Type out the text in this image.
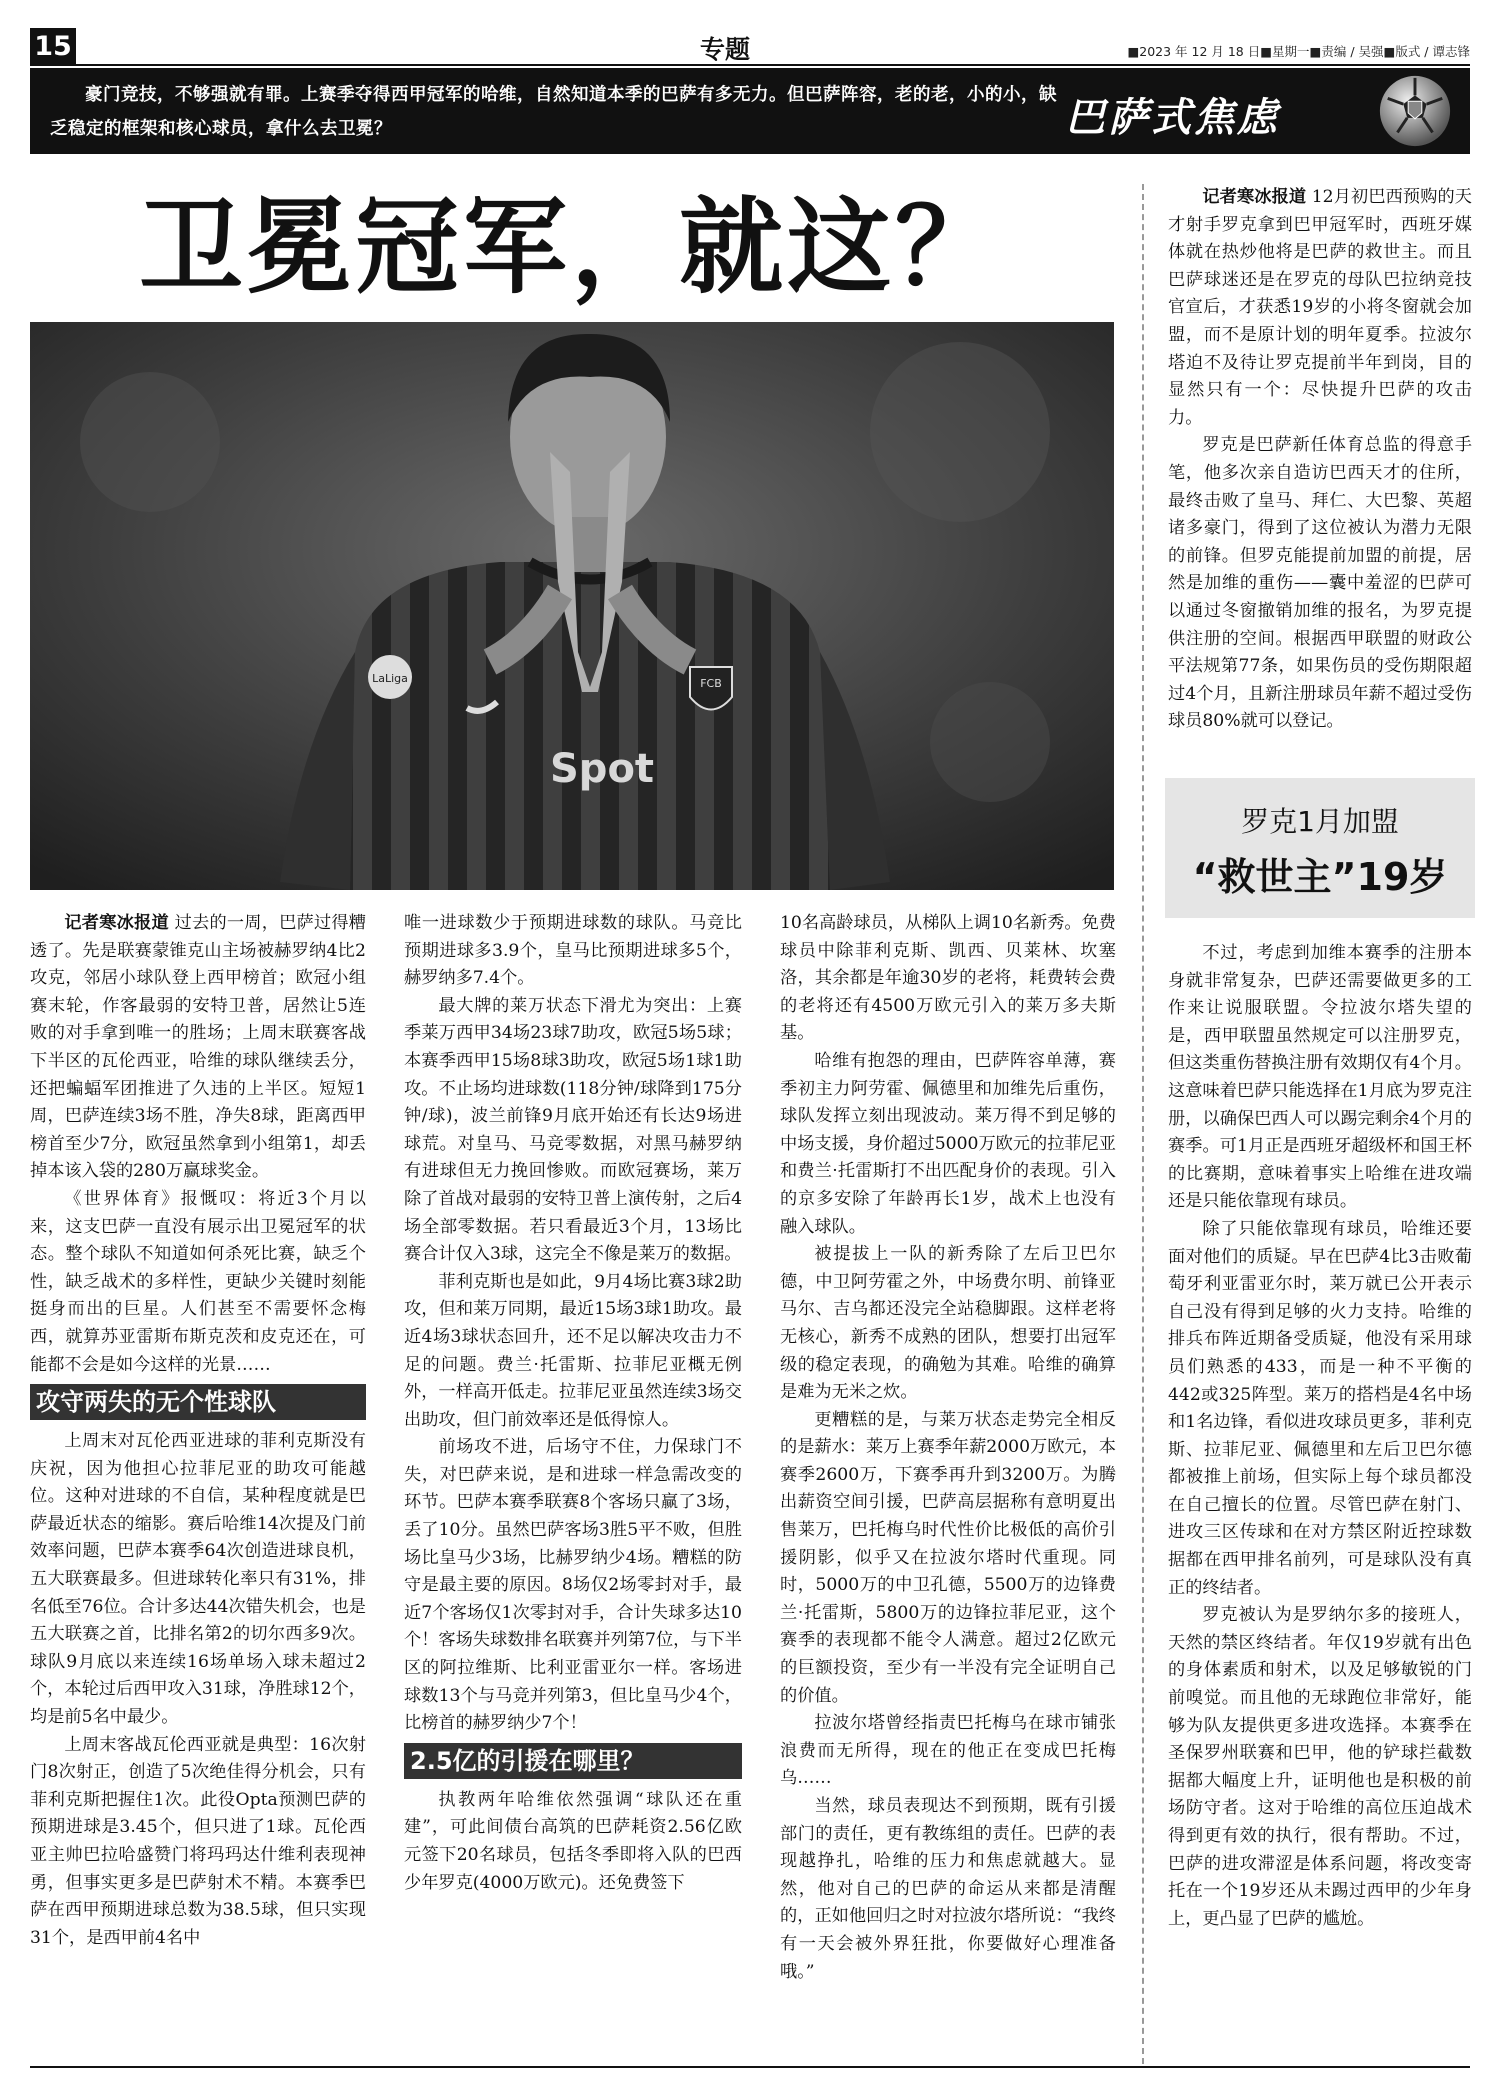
15	专题	■2023 年 12 月 18 日■星期一■责编 / 吴强■版式 / 谭志锋
豪门竞技，不够强就有罪。上赛季夺得西甲冠军的哈维，自然知道本季的巴萨有多无力。但巴萨阵容，老的老，小的小，缺乏稳定的框架和核心球员，拿什么去卫冕？	巴萨式焦虑
卫冕冠军，就这？
FCB
LaLiga
Spot

记者寒冰报道 过去的一周，巴萨过得糟透了。先是联赛蒙锥克山主场被赫罗纳4比2攻克，邻居小球队登上西甲榜首；欧冠小组赛末轮，作客最弱的安特卫普，居然让5连败的对手拿到唯一的胜场；上周末联赛客战下半区的瓦伦西亚，哈维的球队继续丢分，还把蝙蝠军团推进了久违的上半区。短短1周，巴萨连续3场不胜，净失8球，距离西甲榜首至少7分，欧冠虽然拿到小组第1，却丢掉本该入袋的280万赢球奖金。

《世界体育》报慨叹：将近3个月以来，这支巴萨一直没有展示出卫冕冠军的状态。整个球队不知道如何杀死比赛，缺乏个性，缺乏战术的多样性，更缺少关键时刻能挺身而出的巨星。人们甚至不需要怀念梅西，就算苏亚雷斯布斯克茨和皮克还在，可能都不会是如今这样的光景……

攻守两失的无个性球队

上周末对瓦伦西亚进球的菲利克斯没有庆祝，因为他担心拉菲尼亚的助攻可能越位。这种对进球的不自信，某种程度就是巴萨最近状态的缩影。赛后哈维14次提及门前效率问题，巴萨本赛季64次创造进球良机，五大联赛最多。但进球转化率只有31%，排名低至76位。合计多达44次错失机会，也是五大联赛之首，比排名第2的切尔西多9次。球队9月底以来连续16场单场入球未超过2个，本轮过后西甲攻入31球，净胜球12个，均是前5名中最少。

上周末客战瓦伦西亚就是典型：16次射门8次射正，创造了5次绝佳得分机会，只有菲利克斯把握住1次。此役Opta预测巴萨的预期进球是3.45个，但只进了1球。瓦伦西亚主帅巴拉哈盛赞门将玛玛达什维利表现神勇，但事实更多是巴萨射术不精。本赛季巴萨在西甲预期进球总数为38.5球，但只实现31个，是西甲前4名中

唯一进球数少于预期进球数的球队。马竞比预期进球多3.9个，皇马比预期进球多5个，赫罗纳多7.4个。

最大牌的莱万状态下滑尤为突出：上赛季莱万西甲34场23球7助攻，欧冠5场5球；本赛季西甲15场8球3助攻，欧冠5场1球1助攻。不止场均进球数(118分钟/球降到175分钟/球)，波兰前锋9月底开始还有长达9场进球荒。对皇马、马竞零数据，对黑马赫罗纳有进球但无力挽回惨败。而欧冠赛场，莱万除了首战对最弱的安特卫普上演传射，之后4场全部零数据。若只看最近3个月，13场比赛合计仅入3球，这完全不像是莱万的数据。

菲利克斯也是如此，9月4场比赛3球2助攻，但和莱万同期，最近15场3球1助攻。最近4场3球状态回升，还不足以解决攻击力不足的问题。费兰·托雷斯、拉菲尼亚概无例外，一样高开低走。拉菲尼亚虽然连续3场交出助攻，但门前效率还是低得惊人。

前场攻不进，后场守不住，力保球门不失，对巴萨来说，是和进球一样急需改变的环节。巴萨本赛季联赛8个客场只赢了3场，丢了10分。虽然巴萨客场3胜5平不败，但胜场比皇马少3场，比赫罗纳少4场。糟糕的防守是最主要的原因。8场仅2场零封对手，最近7个客场仅1次零封对手，合计失球多达10个！客场失球数排名联赛并列第7位，与下半区的阿拉维斯、比利亚雷亚尔一样。客场进球数13个与马竞并列第3，但比皇马少4个，比榜首的赫罗纳少7个！

2.5亿的引援在哪里？

执教两年哈维依然强调“球队还在重建”，可此间债台高筑的巴萨耗资2.56亿欧元签下20名球员，包括冬季即将入队的巴西少年罗克(4000万欧元)。还免费签下

10名高龄球员，从梯队上调10名新秀。免费球员中除菲利克斯、凯西、贝莱林、坎塞洛，其余都是年逾30岁的老将，耗费转会费的老将还有4500万欧元引入的莱万多夫斯基。

哈维有抱怨的理由，巴萨阵容单薄，赛季初主力阿劳霍、佩德里和加维先后重伤，球队发挥立刻出现波动。莱万得不到足够的中场支援，身价超过5000万欧元的拉菲尼亚和费兰·托雷斯打不出匹配身价的表现。引入的京多安除了年龄再长1岁，战术上也没有融入球队。

被提拔上一队的新秀除了左后卫巴尔德，中卫阿劳霍之外，中场费尔明、前锋亚马尔、吉乌都还没完全站稳脚跟。这样老将无核心，新秀不成熟的团队，想要打出冠军级的稳定表现，的确勉为其难。哈维的确算是难为无米之炊。

更糟糕的是，与莱万状态走势完全相反的是薪水：莱万上赛季年薪2000万欧元，本赛季2600万，下赛季再升到3200万。为腾出薪资空间引援，巴萨高层据称有意明夏出售莱万，巴托梅乌时代性价比极低的高价引援阴影，似乎又在拉波尔塔时代重现。同时，5000万的中卫孔德，5500万的边锋费兰·托雷斯，5800万的边锋拉菲尼亚，这个赛季的表现都不能令人满意。超过2亿欧元的巨额投资，至少有一半没有完全证明自己的价值。

拉波尔塔曾经指责巴托梅乌在球市铺张浪费而无所得，现在的他正在变成巴托梅乌……

当然，球员表现达不到预期，既有引援部门的责任，更有教练组的责任。巴萨的表现越挣扎，哈维的压力和焦虑就越大。显然，他对自己的巴萨的命运从来都是清醒的，正如他回归之时对拉波尔塔所说：“我终有一天会被外界狂批，你要做好心理准备哦。”

记者寒冰报道 12月初巴西预购的天才射手罗克拿到巴甲冠军时，西班牙媒体就在热炒他将是巴萨的救世主。而且巴萨球迷还是在罗克的母队巴拉纳竞技官宣后，才获悉19岁的小将冬窗就会加盟，而不是原计划的明年夏季。拉波尔塔迫不及待让罗克提前半年到岗，目的显然只有一个：尽快提升巴萨的攻击力。

罗克是巴萨新任体育总监的得意手笔，他多次亲自造访巴西天才的住所，最终击败了皇马、拜仁、大巴黎、英超诸多豪门，得到了这位被认为潜力无限的前锋。但罗克能提前加盟的前提，居然是加维的重伤——囊中羞涩的巴萨可以通过冬窗撤销加维的报名，为罗克提供注册的空间。根据西甲联盟的财政公平法规第77条，如果伤员的受伤期限超过4个月，且新注册球员年薪不超过受伤球员80%就可以登记。

罗克1月加盟
“救世主”19岁

不过，考虑到加维本赛季的注册本身就非常复杂，巴萨还需要做更多的工作来让说服联盟。令拉波尔塔失望的是，西甲联盟虽然规定可以注册罗克，但这类重伤替换注册有效期仅有4个月。这意味着巴萨只能选择在1月底为罗克注册，以确保巴西人可以踢完剩余4个月的赛季。可1月正是西班牙超级杯和国王杯的比赛期，意味着事实上哈维在进攻端还是只能依靠现有球员。

除了只能依靠现有球员，哈维还要面对他们的质疑。早在巴萨4比3击败葡萄牙利亚雷亚尔时，莱万就已公开表示自己没有得到足够的火力支持。哈维的排兵布阵近期备受质疑，他没有采用球员们熟悉的433，而是一种不平衡的442或325阵型。莱万的搭档是4名中场和1名边锋，看似进攻球员更多，菲利克斯、拉菲尼亚、佩德里和左后卫巴尔德都被推上前场，但实际上每个球员都没在自己擅长的位置。尽管巴萨在射门、进攻三区传球和在对方禁区附近控球数据都在西甲排名前列，可是球队没有真正的终结者。

罗克被认为是罗纳尔多的接班人，天然的禁区终结者。年仅19岁就有出色的身体素质和射术，以及足够敏锐的门前嗅觉。而且他的无球跑位非常好，能够为队友提供更多进攻选择。本赛季在圣保罗州联赛和巴甲，他的铲球拦截数据都大幅度上升，证明他也是积极的前场防守者。这对于哈维的高位压迫战术得到更有效的执行，很有帮助。不过，巴萨的进攻滞涩是体系问题，将改变寄托在一个19岁还从未踢过西甲的少年身上，更凸显了巴萨的尴尬。
